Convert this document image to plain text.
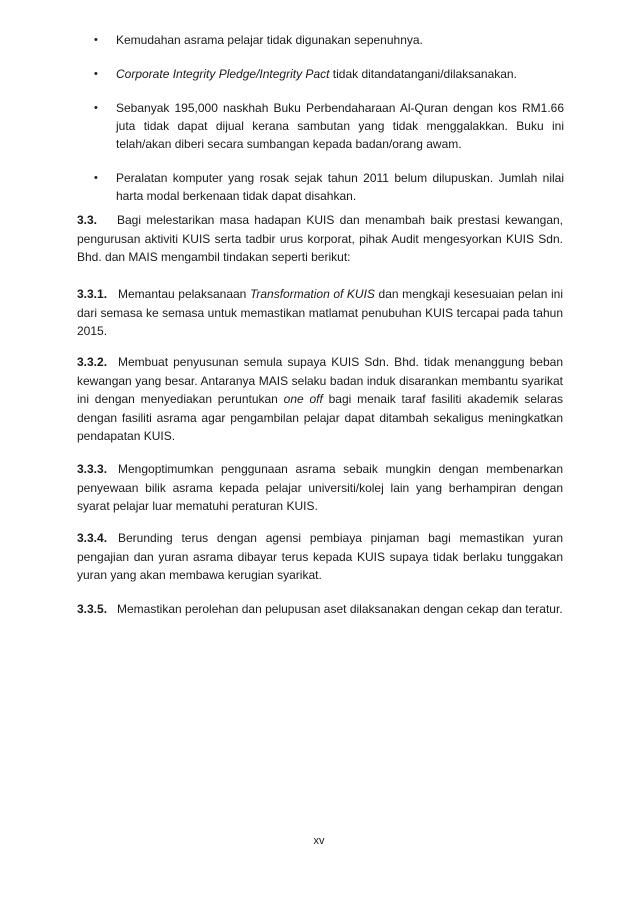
• Kemudahan asrama pelajar tidak digunakan sepenuhnya.
• Corporate Integrity Pledge/Integrity Pact tidak ditandatangani/dilaksanakan.
• Sebanyak 195,000 naskhah Buku Perbendaharaan Al-Quran dengan kos RM1.66 juta tidak dapat dijual kerana sambutan yang tidak menggalakkan. Buku ini telah/akan diberi secara sumbangan kepada badan/orang awam.
• Peralatan komputer yang rosak sejak tahun 2011 belum dilupuskan. Jumlah nilai harta modal berkenaan tidak dapat disahkan.

3.3. Bagi melestarikan masa hadapan KUIS dan menambah baik prestasi kewangan, pengurusan aktiviti KUIS serta tadbir urus korporat, pihak Audit mengesyorkan KUIS Sdn. Bhd. dan MAIS mengambil tindakan seperti berikut:

3.3.1. Memantau pelaksanaan Transformation of KUIS dan mengkaji kesesuaian pelan ini dari semasa ke semasa untuk memastikan matlamat penubuhan KUIS tercapai pada tahun 2015.

3.3.2. Membuat penyusunan semula supaya KUIS Sdn. Bhd. tidak menanggung beban kewangan yang besar. Antaranya MAIS selaku badan induk disarankan membantu syarikat ini dengan menyediakan peruntukan one off bagi menaik taraf fasiliti akademik selaras dengan fasiliti asrama agar pengambilan pelajar dapat ditambah sekaligus meningkatkan pendapatan KUIS.

3.3.3. Mengoptimumkan penggunaan asrama sebaik mungkin dengan membenarkan penyewaan bilik asrama kepada pelajar universiti/kolej lain yang berhampiran dengan syarat pelajar luar mematuhi peraturan KUIS.

3.3.4. Berunding terus dengan agensi pembiaya pinjaman bagi memastikan yuran pengajian dan yuran asrama dibayar terus kepada KUIS supaya tidak berlaku tunggakan yuran yang akan membawa kerugian syarikat.

3.3.5. Memastikan perolehan dan pelupusan aset dilaksanakan dengan cekap dan teratur.

xv
